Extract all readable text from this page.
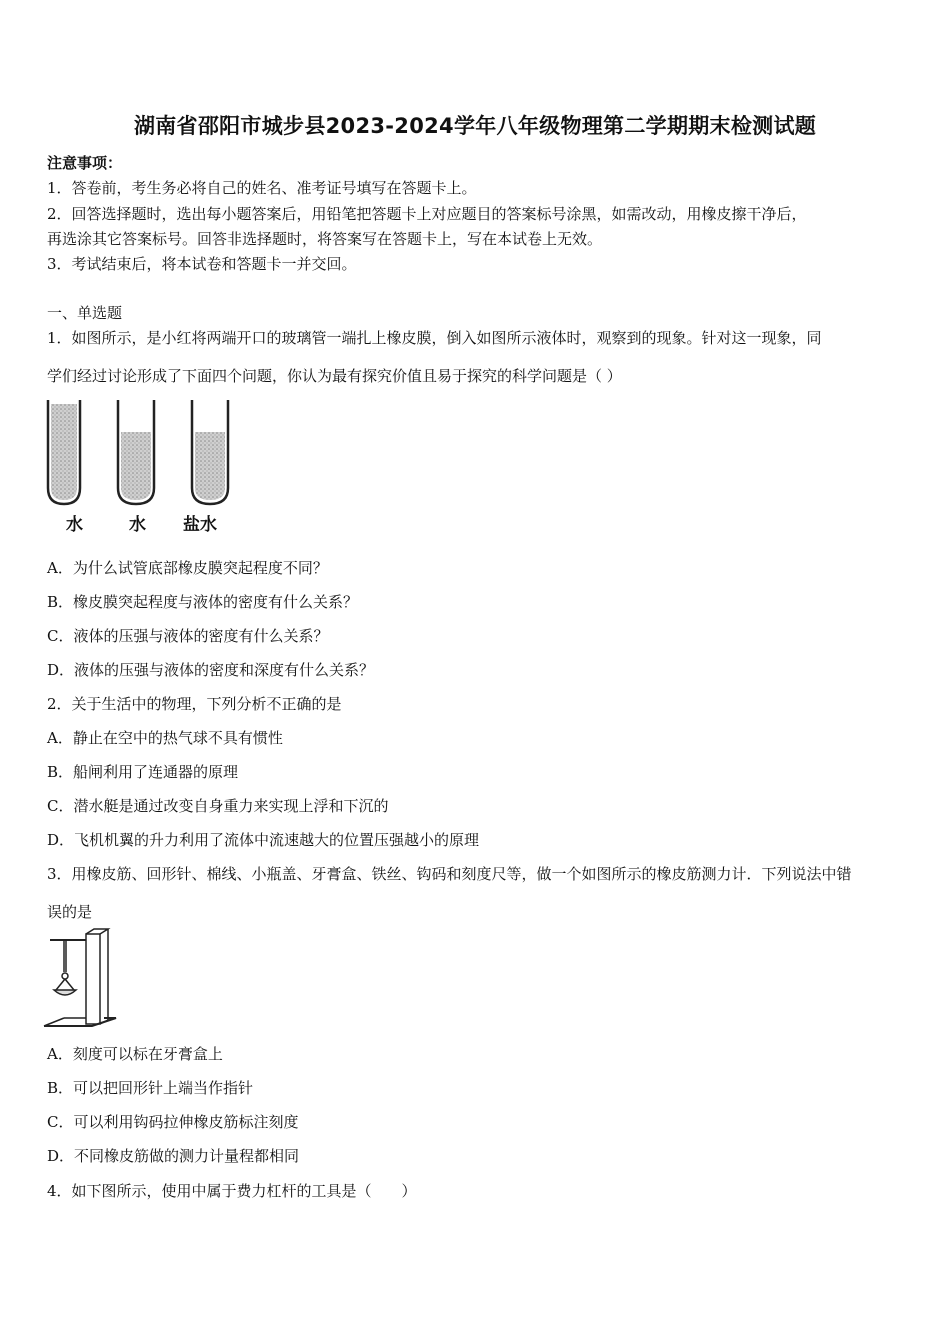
湖南省邵阳市城步县2023-2024学年八年级物理第二学期期末检测试题
注意事项：
1．答卷前，考生务必将自己的姓名、准考证号填写在答题卡上。
2．回答选择题时，选出每小题答案后，用铅笔把答题卡上对应题目的答案标号涂黑，如需改动，用橡皮擦干净后，
再选涂其它答案标号。回答非选择题时，将答案写在答题卡上，写在本试卷上无效。
3．考试结束后，将本试卷和答题卡一并交回。
一、单选题
1．如图所示，是小红将两端开口的玻璃管一端扎上橡皮膜，倒入如图所示液体时，观察到的现象。针对这一现象，同
学们经过讨论形成了下面四个问题，你认为最有探究价值且易于探究的科学问题是（ ）
水	水 盐水
A．为什么试管底部橡皮膜突起程度不同？
B．橡皮膜突起程度与液体的密度有什么关系？
C．液体的压强与液体的密度有什么关系？
D．液体的压强与液体的密度和深度有什么关系？
2．关于生活中的物理，下列分析不正确的是
A．静止在空中的热气球不具有惯性
B．船闸利用了连通器的原理
C．潜水艇是通过改变自身重力来实现上浮和下沉的
D．飞机机翼的升力利用了流体中流速越大的位置压强越小的原理
3．用橡皮筋、回形针、棉线、小瓶盖、牙膏盒、铁丝、钩码和刻度尺等，做一个如图所示的橡皮筋测力计．下列说法中错
误的是
A．刻度可以标在牙膏盒上
B．可以把回形针上端当作指针
C．可以利用钩码拉伸橡皮筋标注刻度
D．不同橡皮筋做的测力计量程都相同
4．如下图所示，使用中属于费力杠杆的工具是（　　）
